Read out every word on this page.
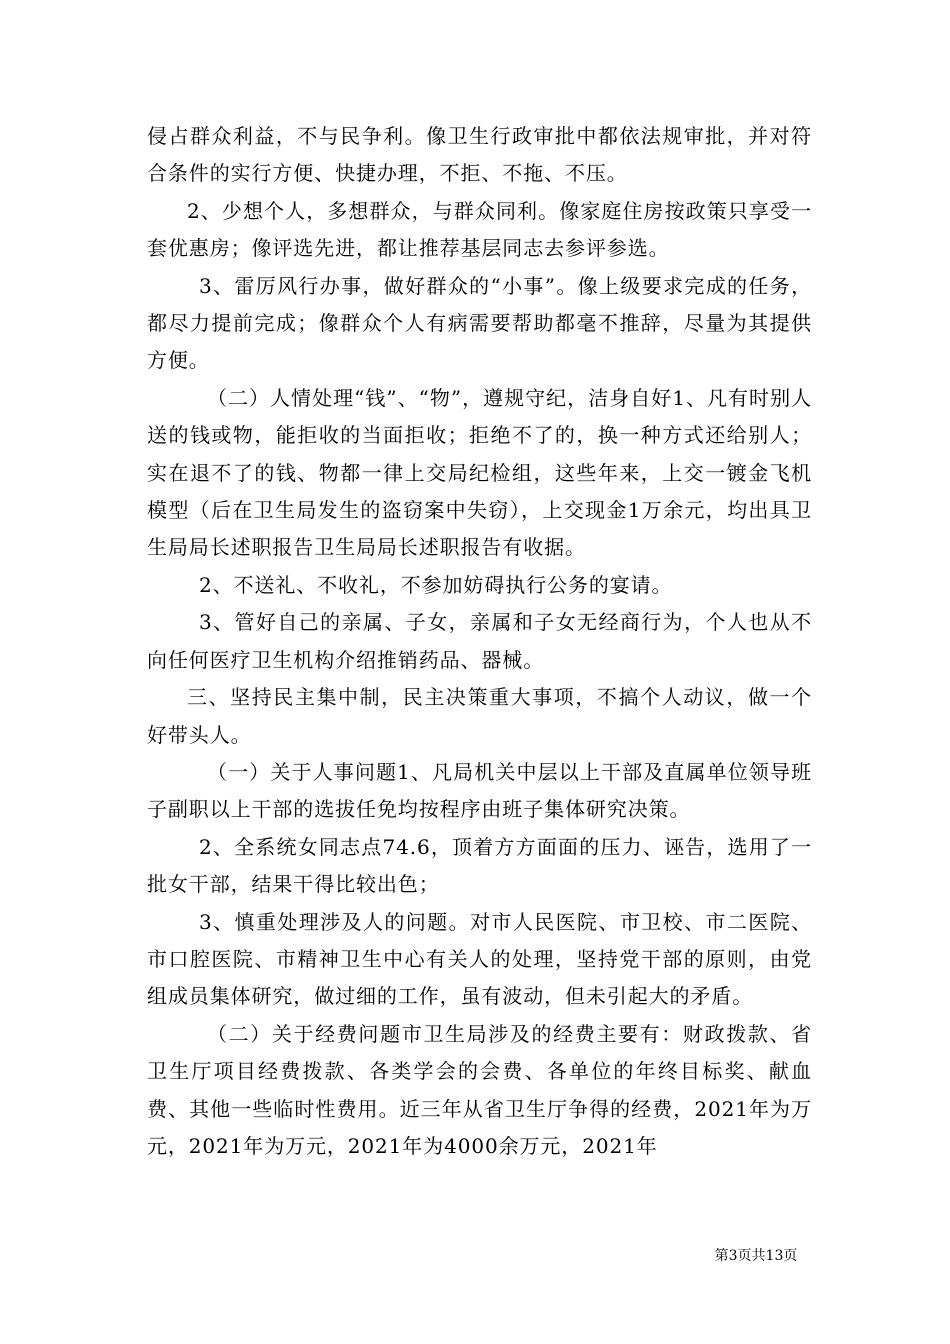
侵占群众利益，不与民争利。像卫生行政审批中都依法规审批，并对符合条件的实行方便、快捷办理，不拒、不拖、不压。

2、少想个人，多想群众，与群众同利。像家庭住房按政策只享受一套优惠房；像评选先进，都让推荐基层同志去参评参选。

3、雷厉风行办事，做好群众的“小事”。像上级要求完成的任务，都尽力提前完成；像群众个人有病需要帮助都毫不推辞，尽量为其提供方便。

（二）人情处理“钱”、“物”，遵规守纪，洁身自好1、凡有时别人送的钱或物，能拒收的当面拒收；拒绝不了的，换一种方式还给别人；实在退不了的钱、物都一律上交局纪检组，这些年来，上交一镀金飞机模型（后在卫生局发生的盗窃案中失窃），上交现金1万余元，均出具卫生局局长述职报告卫生局局长述职报告有收据。

2、不送礼、不收礼，不参加妨碍执行公务的宴请。

3、管好自己的亲属、子女，亲属和子女无经商行为，个人也从不向任何医疗卫生机构介绍推销药品、器械。

三、坚持民主集中制，民主决策重大事项，不搞个人动议，做一个好带头人。

（一）关于人事问题1、凡局机关中层以上干部及直属单位领导班子副职以上干部的选拔任免均按程序由班子集体研究决策。

2、全系统女同志点74.6，顶着方方面面的压力、诬告，选用了一批女干部，结果干得比较出色；

3、慎重处理涉及人的问题。对市人民医院、市卫校、市二医院、市口腔医院、市精神卫生中心有关人的处理，坚持党干部的原则，由党组成员集体研究，做过细的工作，虽有波动，但未引起大的矛盾。

（二）关于经费问题市卫生局涉及的经费主要有：财政拨款、省卫生厅项目经费拨款、各类学会的会费、各单位的年终目标奖、献血费、其他一些临时性费用。近三年从省卫生厅争得的经费，2021年为万元，2021年为万元，2021年为4000余万元，2021年

第3页共13页
